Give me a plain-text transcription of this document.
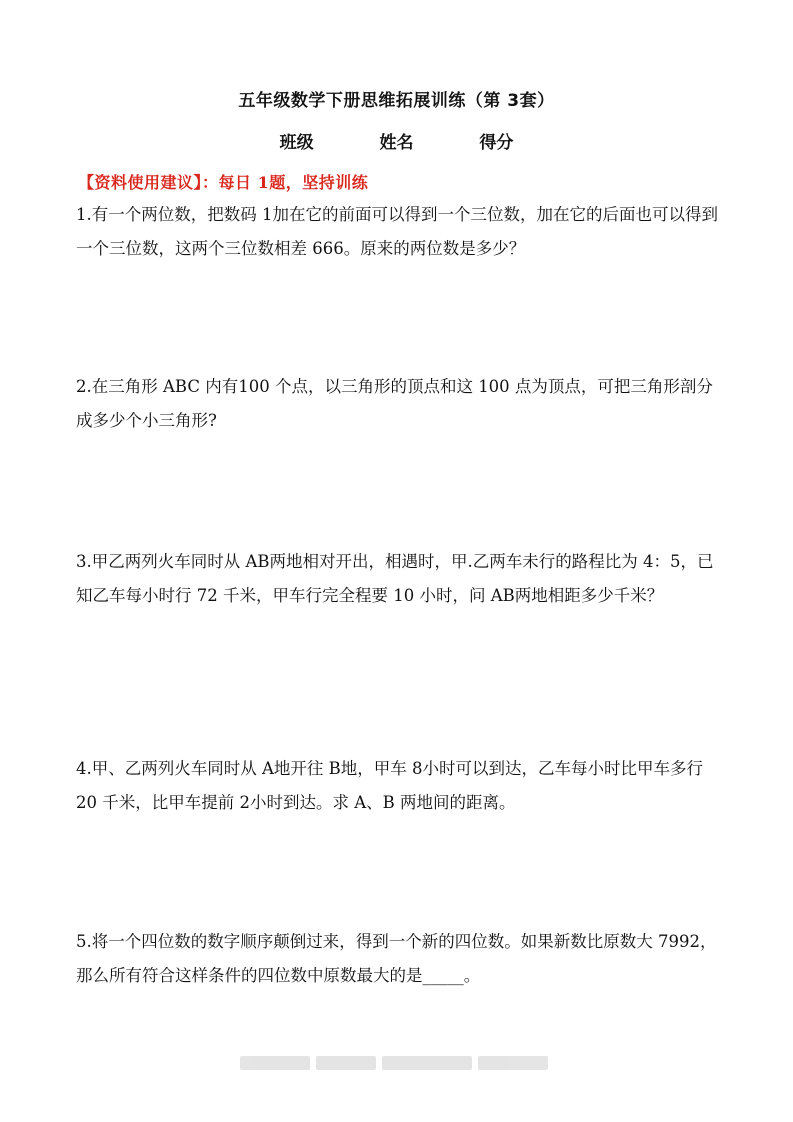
五年级数学下册思维拓展训练（第 3套）
班级	姓名	得分
【资料使用建议】：每日 1题，坚持训练
1.有一个两位数，把数码 1加在它的前面可以得到一个三位数，加在它的后面也可以得到一个三位数，这两个三位数相差 666。原来的两位数是多少？
2.在三角形 ABC 内有100 个点，以三角形的顶点和这 100 点为顶点，可把三角形剖分成多少个小三角形?
3.甲乙两列火车同时从 AB两地相对开出，相遇时，甲.乙两车未行的路程比为 4：5，已知乙车每小时行 72 千米，甲车行完全程要 10 小时，问 AB两地相距多少千米？
4.甲、乙两列火车同时从 A地开往 B地，甲车 8小时可以到达，乙车每小时比甲车多行 20 千米，比甲车提前 2小时到达。求 A、B 两地间的距离。
5.将一个四位数的数字顺序颠倒过来，得到一个新的四位数。如果新数比原数大 7992，那么所有符合这样条件的四位数中原数最大的是_____。
